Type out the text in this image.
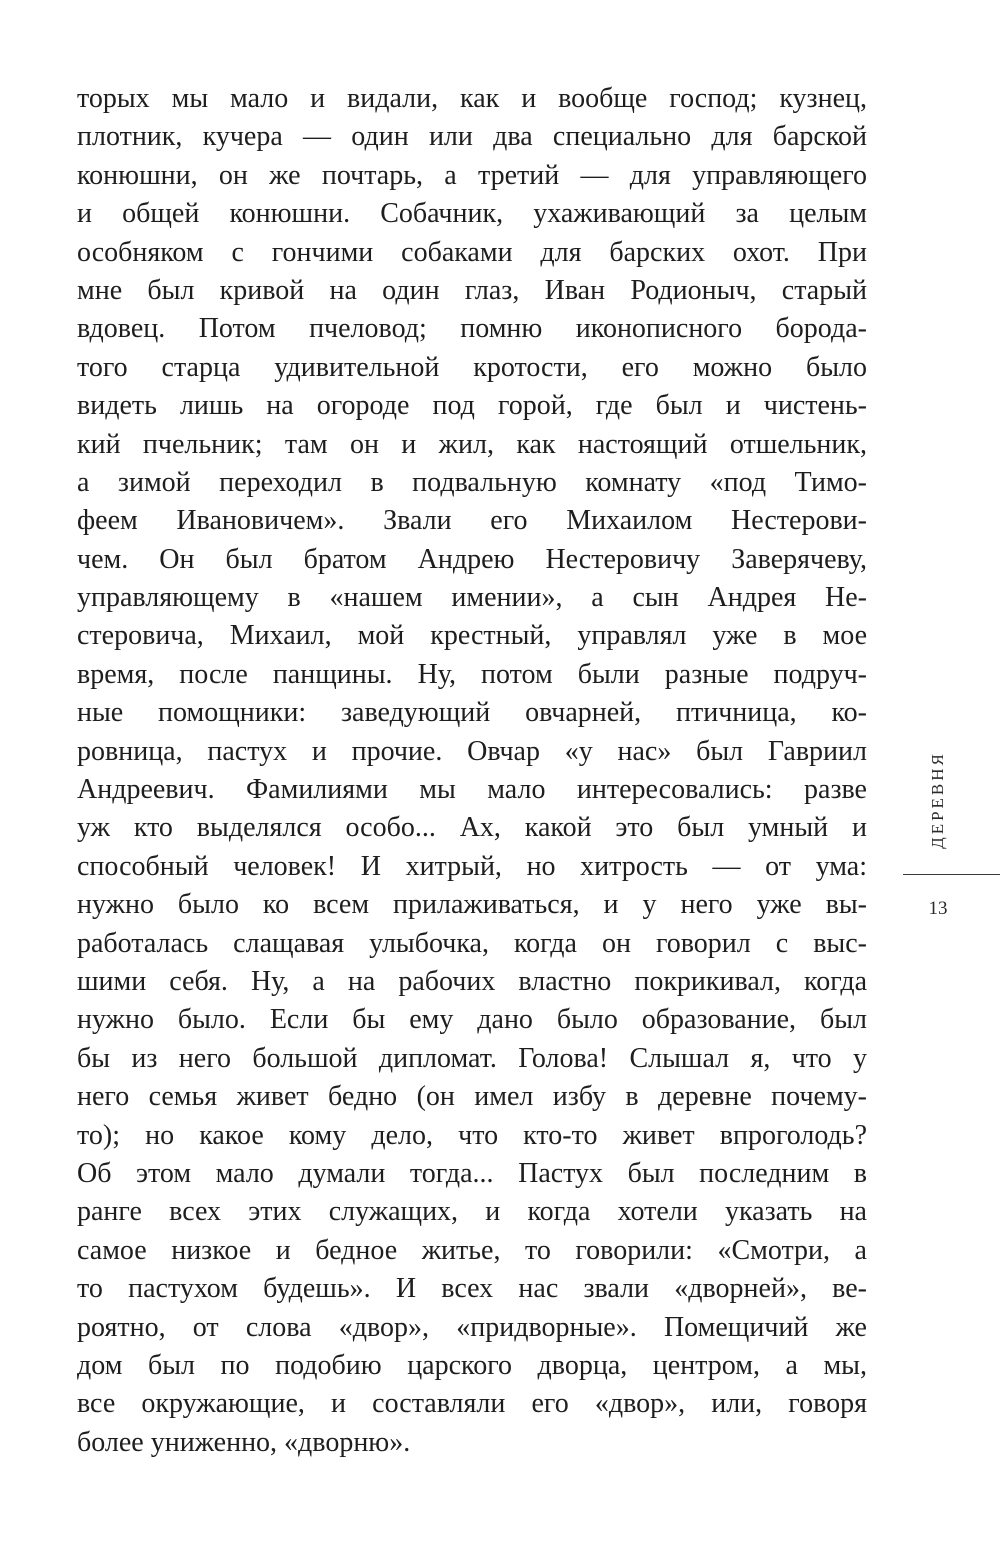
торых мы мало и видали, как и вообще господ; кузнец,
плотник, кучера — один или два специально для барской
конюшни, он же почтарь, а третий — для управляющего
и общей конюшни. Собачник, ухаживающий за целым
особняком с гончими собаками для барских охот. При
мне был кривой на один глаз, Иван Родионыч, старый
вдовец. Потом пчеловод; помню иконописного борода-
того старца удивительной кротости, его можно было
видеть лишь на огороде под горой, где был и чистень-
кий пчельник; там он и жил, как настоящий отшельник,
а зимой переходил в подвальную комнату «под Тимо-
феем Ивановичем». Звали его Михаилом Нестерови-
чем. Он был братом Андрею Нестеровичу Заверячеву,
управляющему в «нашем имении», а сын Андрея Не-
стеровича, Михаил, мой крестный, управлял уже в мое
время, после панщины. Ну, потом были разные подруч-
ные помощники: заведующий овчарней, птичница, ко-
ровница, пастух и прочие. Овчар «у нас» был Гавриил
Андреевич. Фамилиями мы мало интересовались: разве
уж кто выделялся особо... Ах, какой это был умный и
способный человек! И хитрый, но хитрость — от ума:
нужно было ко всем прилаживаться, и у него уже вы-
работалась слащавая улыбочка, когда он говорил с выс-
шими себя. Ну, а на рабочих властно покрикивал, когда
нужно было. Если бы ему дано было образование, был
бы из него большой дипломат. Голова! Слышал я, что у
него семья живет бедно (он имел избу в деревне почему-
то); но какое кому дело, что кто-то живет впроголодь?
Об этом мало думали тогда... Пастух был последним в
ранге всех этих служащих, и когда хотели указать на
самое низкое и бедное житье, то говорили: «Смотри, а
то пастухом будешь». И всех нас звали «дворней», ве-
роятно, от слова «двор», «придворные». Помещичий же
дом был по подобию царского дворца, центром, а мы,
все окружающие, и составляли его «двор», или, говоря
более униженно, «дворню».
ДЕРЕВНЯ
13
